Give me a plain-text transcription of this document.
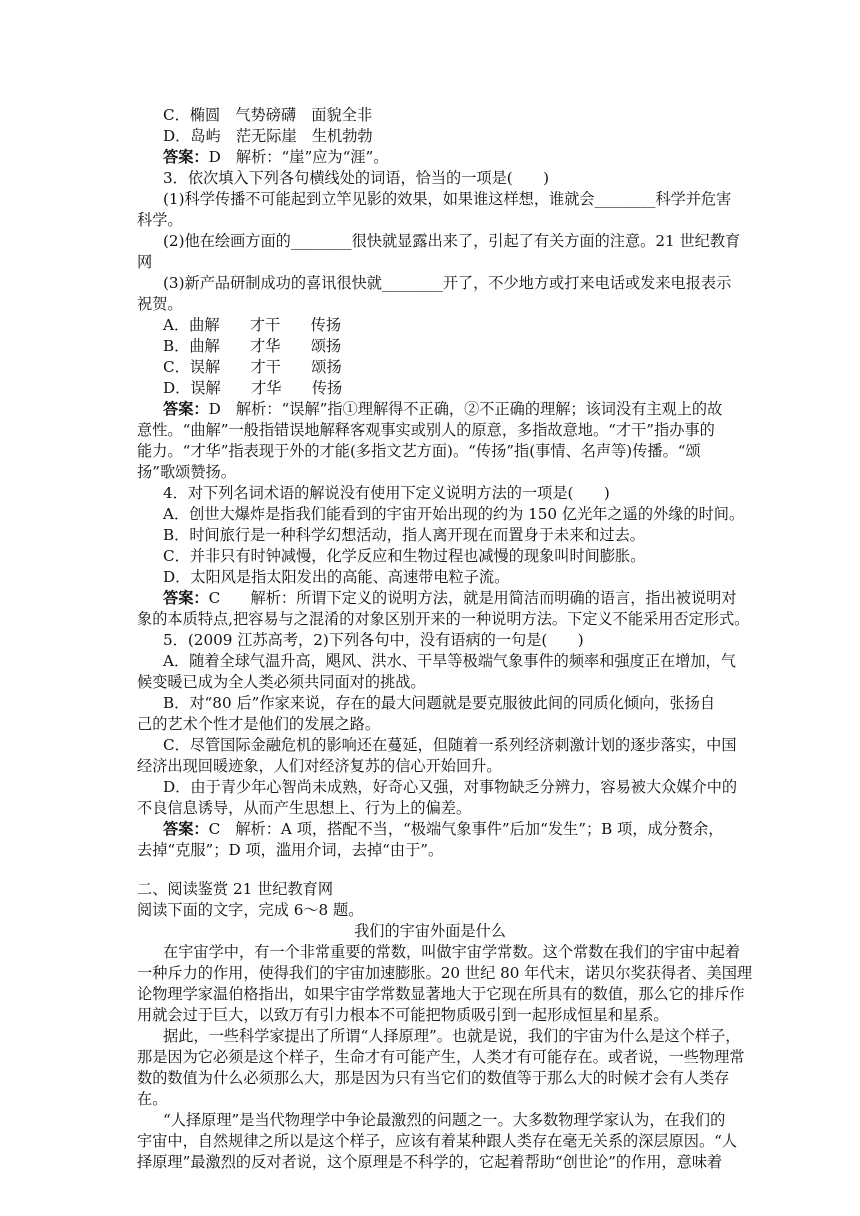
C．椭圆　气势磅礴　面貌全非
D．岛屿　茫无际崖　生机勃勃
答案：D　解析：“崖”应为“涯”。
3．依次填入下列各句横线处的词语，恰当的一项是(　　)
(1)科学传播不可能起到立竿见影的效果，如果谁这样想，谁就会________科学并危害
科学。
(2)他在绘画方面的________很快就显露出来了，引起了有关方面的注意。21 世纪教育
网
(3)新产品研制成功的喜讯很快就________开了，不少地方或打来电话或发来电报表示
祝贺。
A．曲解　　才干　　传扬
B．曲解　　才华　　颂扬
C．误解　　才干　　颂扬
D．误解　　才华　　传扬
答案：D　解析：“误解”指①理解得不正确，②不正确的理解；该词没有主观上的故
意性。“曲解”一般指错误地解释客观事实或别人的原意，多指故意地。“才干”指办事的
能力。“才华”指表现于外的才能(多指文艺方面)。“传扬”指(事情、名声等)传播。“颂
扬”歌颂赞扬。
4．对下列名词术语的解说没有使用下定义说明方法的一项是(　　)
A．创世大爆炸是指我们能看到的宇宙开始出现的约为 150 亿光年之遥的外缘的时间。
B．时间旅行是一种科学幻想活动，指人离开现在而置身于未来和过去。
C．并非只有时钟减慢，化学反应和生物过程也减慢的现象叫时间膨胀。
D．太阳风是指太阳发出的高能、高速带电粒子流。
答案：C　　解析：所谓下定义的说明方法，就是用简洁而明确的语言，指出被说明对
象的本质特点,把容易与之混淆的对象区别开来的一种说明方法。下定义不能采用否定形式。
5．(2009 江苏高考，2)下列各句中，没有语病的一句是(　　)
A．随着全球气温升高，飓风、洪水、干旱等极端气象事件的频率和强度正在增加，气
候变暖已成为全人类必须共同面对的挑战。
B．对“80 后”作家来说，存在的最大问题就是要克服彼此间的同质化倾向，张扬自
己的艺术个性才是他们的发展之路。
C．尽管国际金融危机的影响还在蔓延，但随着一系列经济刺激计划的逐步落实，中国
经济出现回暖迹象，人们对经济复苏的信心开始回升。
D．由于青少年心智尚未成熟，好奇心又强，对事物缺乏分辨力，容易被大众媒介中的
不良信息诱导，从而产生思想上、行为上的偏差。
答案：C　解析：A 项，搭配不当，“极端气象事件”后加“发生”；B 项，成分赘余，
去掉“克服”；D 项，滥用介词，去掉“由于”。
二、阅读鉴赏 21 世纪教育网
阅读下面的文字，完成 6～8 题。
我们的宇宙外面是什么
在宇宙学中，有一个非常重要的常数，叫做宇宙学常数。这个常数在我们的宇宙中起着
一种斥力的作用，使得我们的宇宙加速膨胀。20 世纪 80 年代末，诺贝尔奖获得者、美国理
论物理学家温伯格指出，如果宇宙学常数显著地大于它现在所具有的数值，那么它的排斥作
用就会过于巨大，以致万有引力根本不可能把物质吸引到一起形成恒星和星系。
据此，一些科学家提出了所谓“人择原理”。也就是说，我们的宇宙为什么是这个样子，
那是因为它必须是这个样子，生命才有可能产生，人类才有可能存在。或者说，一些物理常
数的数值为什么必须那么大，那是因为只有当它们的数值等于那么大的时候才会有人类存
在。
“人择原理”是当代物理学中争论最激烈的问题之一。大多数物理学家认为，在我们的
宇宙中，自然规律之所以是这个样子，应该有着某种跟人类存在毫无关系的深层原因。“人
择原理”最激烈的反对者说，这个原理是不科学的，它起着帮助“创世论”的作用，意味着
